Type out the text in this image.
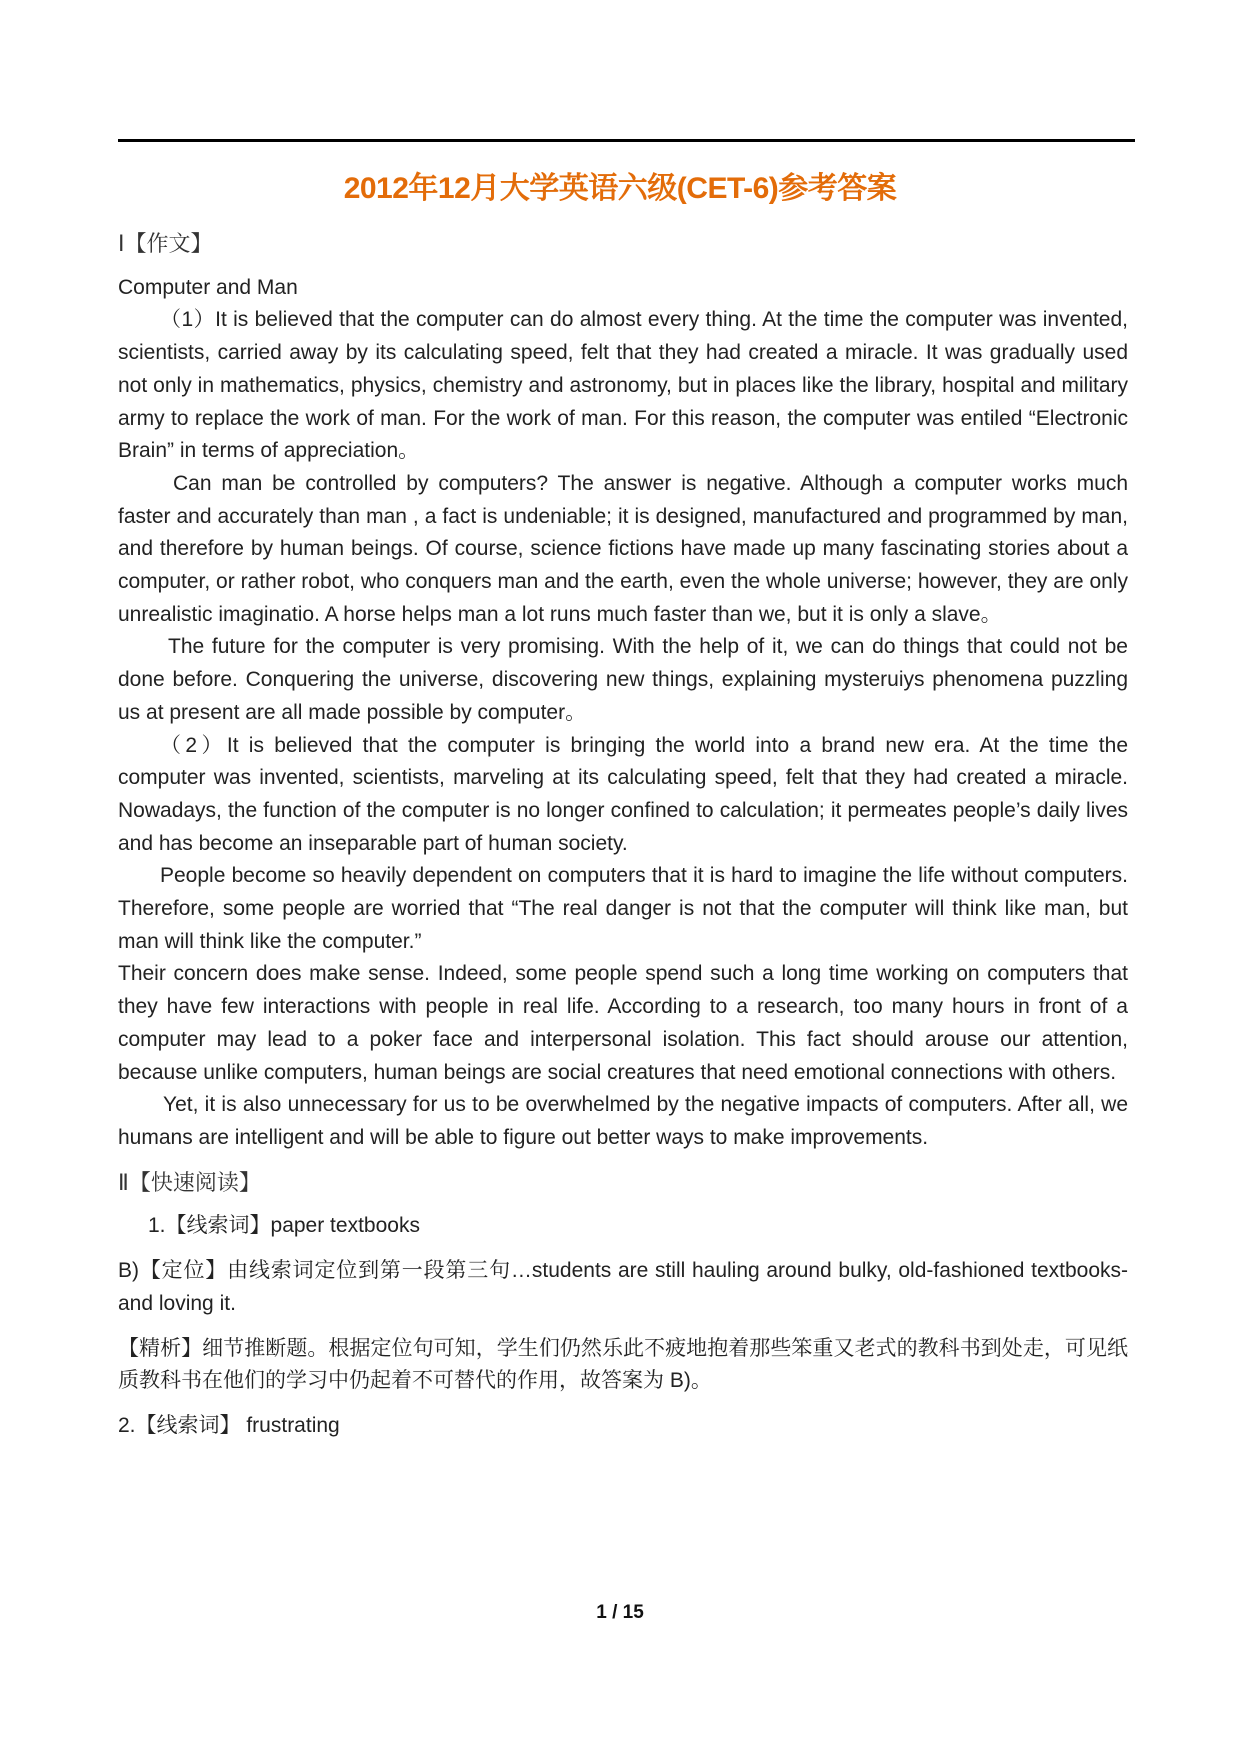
2012年12月大学英语六级(CET-6)参考答案
Ⅰ【作文】

Computer and Man

（1）It is believed that the computer can do almost every thing. At the time the computer was invented, scientists, carried away by its calculating speed, felt that they had created a miracle. It was gradually used not only in mathematics, physics, chemistry and astronomy, but in places like the library, hospital and military army to replace the work of man. For the work of man. For this reason, the computer was entiled “Electronic Brain” in terms of appreciation。

Can man be controlled by computers? The answer is negative. Although a computer works much faster and accurately than man , a fact is undeniable; it is designed, manufactured and programmed by man, and therefore by human beings. Of course, science fictions have made up many fascinating stories about a computer, or rather robot, who conquers man and the earth, even the whole universe; however, they are only unrealistic imaginatio. A horse helps man a lot runs much faster than we, but it is only a slave。

The future for the computer is very promising. With the help of it, we can do things that could not be done before. Conquering the universe, discovering new things, explaining mysteruiys phenomena puzzling us at present are all made possible by computer。

（2）It is believed that the computer is bringing the world into a brand new era. At the time the computer was invented, scientists, marveling at its calculating speed, felt that they had created a miracle. Nowadays, the function of the computer is no longer confined to calculation; it permeates people’s daily lives and has become an inseparable part of human society.

People become so heavily dependent on computers that it is hard to imagine the life without computers. Therefore, some people are worried that “The real danger is not that the computer will think like man, but man will think like the computer.”

Their concern does make sense. Indeed, some people spend such a long time working on computers that they have few interactions with people in real life. According to a research, too many hours in front of a computer may lead to a poker face and interpersonal isolation. This fact should arouse our attention, because unlike computers, human beings are social creatures that need emotional connections with others.

Yet, it is also unnecessary for us to be overwhelmed by the negative impacts of computers. After all, we humans are intelligent and will be able to figure out better ways to make improvements.

Ⅱ【快速阅读】

1.【线索词】paper textbooks

B)【定位】由线索词定位到第一段第三句…students are still hauling around bulky, old-fashioned textbooks-and loving it.

【精析】细节推断题。根据定位句可知，学生们仍然乐此不疲地抱着那些笨重又老式的教科书到处走，可见纸质教科书在他们的学习中仍起着不可替代的作用，故答案为 B)。

2.【线索词】 frustrating

1 / 15
